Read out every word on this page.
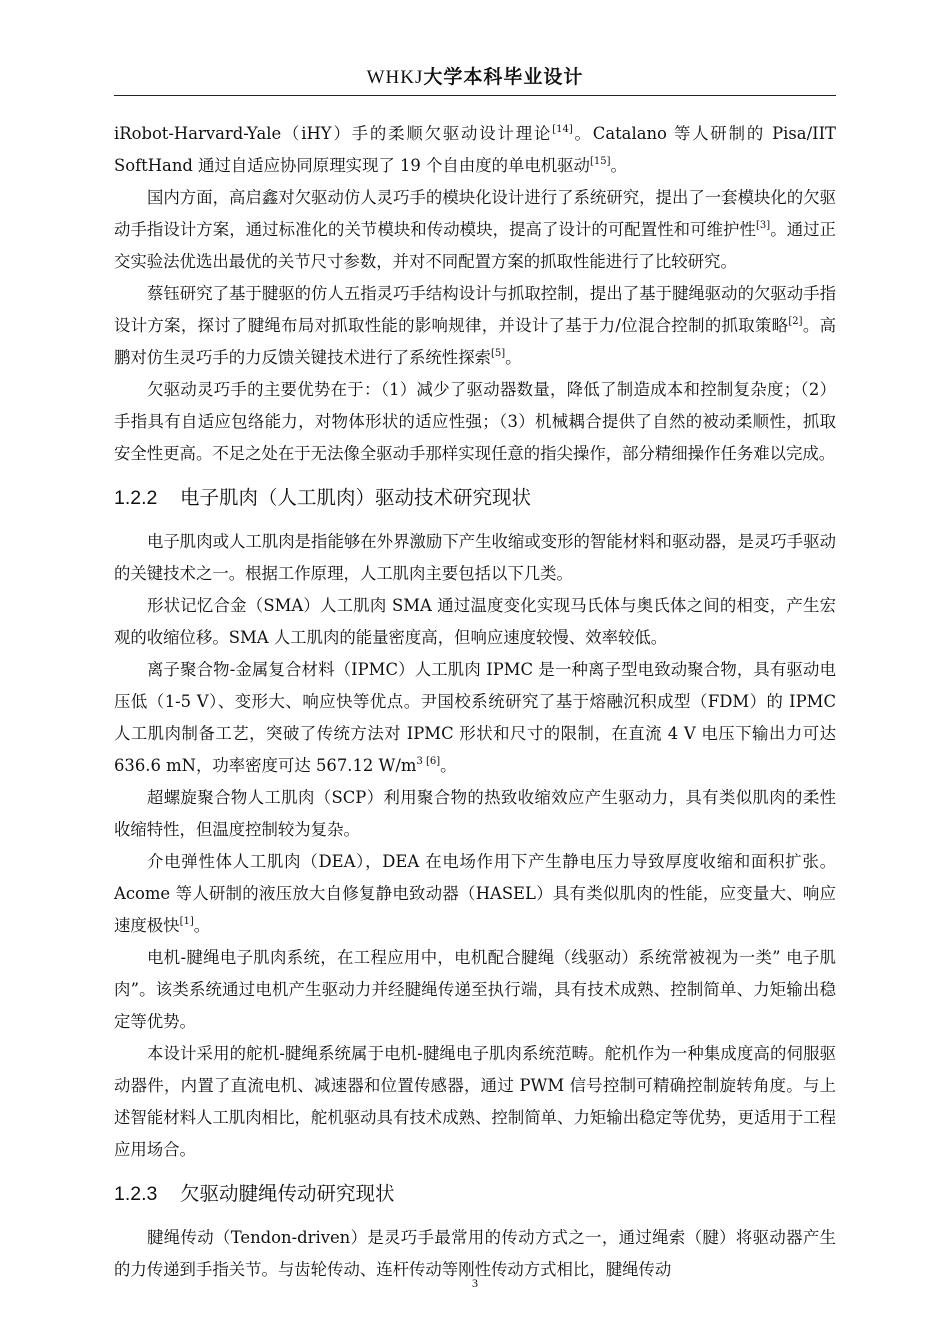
WHKJ大学本科毕业设计

iRobot-Harvard-Yale（iHY）手的柔顺欠驱动设计理论[14]。Catalano 等人研制的 Pisa/IIT SoftHand 通过自适应协同原理实现了 19 个自由度的单电机驱动[15]。

国内方面，高启鑫对欠驱动仿人灵巧手的模块化设计进行了系统研究，提出了一套模块化的欠驱动手指设计方案，通过标准化的关节模块和传动模块，提高了设计的可配置性和可维护性[3]。通过正交实验法优选出最优的关节尺寸参数，并对不同配置方案的抓取性能进行了比较研究。

蔡钰研究了基于腱驱的仿人五指灵巧手结构设计与抓取控制，提出了基于腱绳驱动的欠驱动手指设计方案，探讨了腱绳布局对抓取性能的影响规律，并设计了基于力/位混合控制的抓取策略[2]。高鹏对仿生灵巧手的力反馈关键技术进行了系统性探索[5]。

欠驱动灵巧手的主要优势在于：（1）减少了驱动器数量，降低了制造成本和控制复杂度；（2）手指具有自适应包络能力，对物体形状的适应性强；（3）机械耦合提供了自然的被动柔顺性，抓取安全性更高。不足之处在于无法像全驱动手那样实现任意的指尖操作，部分精细操作任务难以完成。

1.2.2 电子肌肉（人工肌肉）驱动技术研究现状

电子肌肉或人工肌肉是指能够在外界激励下产生收缩或变形的智能材料和驱动器，是灵巧手驱动的关键技术之一。根据工作原理，人工肌肉主要包括以下几类。

形状记忆合金（SMA）人工肌肉 SMA 通过温度变化实现马氏体与奥氏体之间的相变，产生宏观的收缩位移。SMA 人工肌肉的能量密度高，但响应速度较慢、效率较低。

离子聚合物-金属复合材料（IPMC）人工肌肉 IPMC 是一种离子型电致动聚合物，具有驱动电压低（1-5 V）、变形大、响应快等优点。尹国校系统研究了基于熔融沉积成型（FDM）的 IPMC 人工肌肉制备工艺，突破了传统方法对 IPMC 形状和尺寸的限制，在直流 4 V 电压下输出力可达 636.6 mN，功率密度可达 567.12 $W/m^{3 [6]}$。

超螺旋聚合物人工肌肉（SCP）利用聚合物的热致收缩效应产生驱动力，具有类似肌肉的柔性收缩特性，但温度控制较为复杂。

介电弹性体人工肌肉（DEA），DEA 在电场作用下产生静电压力导致厚度收缩和面积扩张。Acome 等人研制的液压放大自修复静电致动器（HASEL）具有类似肌肉的性能，应变量大、响应速度极快[1]。

电机-腱绳电子肌肉系统，在工程应用中，电机配合腱绳（线驱动）系统常被视为一类” 电子肌肉”。该类系统通过电机产生驱动力并经腱绳传递至执行端，具有技术成熟、控制简单、力矩输出稳定等优势。

本设计采用的舵机-腱绳系统属于电机-腱绳电子肌肉系统范畴。舵机作为一种集成度高的伺服驱动器件，内置了直流电机、减速器和位置传感器，通过 PWM 信号控制可精确控制旋转角度。与上述智能材料人工肌肉相比，舵机驱动具有技术成熟、控制简单、力矩输出稳定等优势，更适用于工程应用场合。

1.2.3 欠驱动腱绳传动研究现状

腱绳传动（Tendon-driven）是灵巧手最常用的传动方式之一，通过绳索（腱）将驱动器产生的力传递到手指关节。与齿轮传动、连杆传动等刚性传动方式相比，腱绳传动

3
